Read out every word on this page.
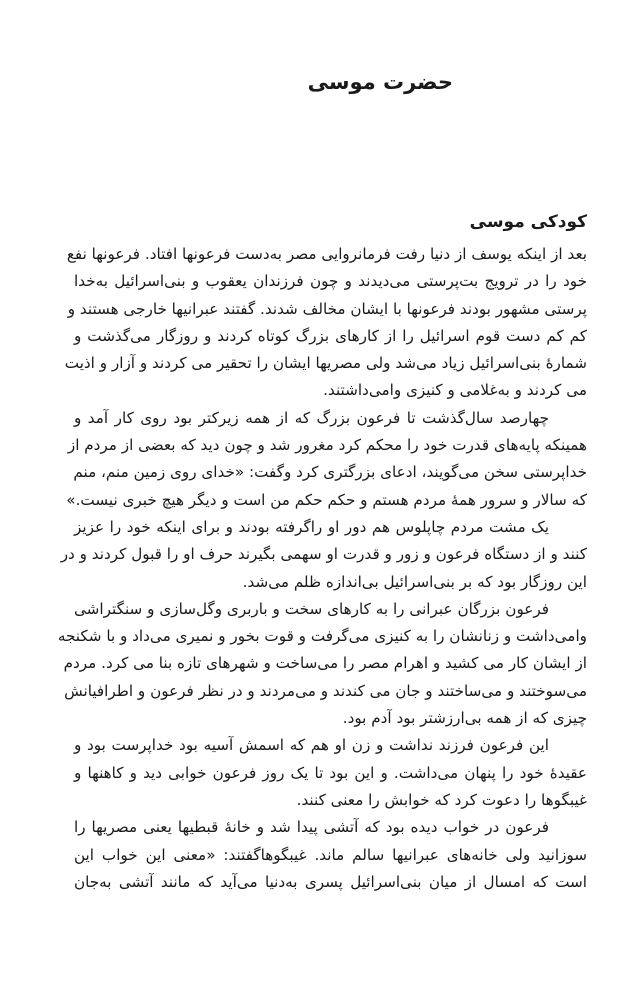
حضرت موسی
کودکی موسی
بعد از اینکه یوسف از دنیا رفت فرمانروایی مصر به‌دست فرعونها افتاد. فرعونها نفع
خود را در ترویج بت‌پرستی می‌دیدند و چون فرزندان یعقوب و بنی‌اسرائیل به‌خدا
پرستی مشهور بودند فرعونها با ایشان مخالف شدند. گفتند عبرانیها خارجی هستند و
کم کم دست قوم اسرائیل را از کارهای بزرگ کوتاه کردند و روزگار می‌گذشت و
شمارهٔ بنی‌اسرائیل زیاد می‌شد ولی مصریها ایشان را تحقیر می کردند و آزار و اذیت
می کردند و به‌غلامی و کنیزی وامی‌داشتند.
چهارصد سال‌گذشت تا فرعون بزرگ که از همه زیرکتر بود روی کار آمد و
همینکه پایه‌های قدرت خود را محکم کرد مغرور شد و چون دید که بعضی از مردم از
خداپرستی سخن می‌گویند، ادعای بزرگتری کرد وگفت: «خدای روی زمین منم، منم
که سالار و سرور همهٔ مردم هستم و حکم حکم من است و دیگر هیچ خبری نیست.»
یک مشت مردم چاپلوس هم دور او راگرفته بودند و برای اینکه خود را عزیز
کنند و از دستگاه فرعون و زور و قدرت او سهمی بگیرند حرف او را قبول کردند و در
این روزگار بود که بر بنی‌اسرائیل بی‌اندازه ظلم می‌شد.
فرعون بزرگان عبرانی را به کارهای سخت و باربری وگل‌سازی و سنگتراشی
وامی‌داشت و زنانشان را به کنیزی می‌گرفت و قوت بخور و نمیری می‌داد و با شکنجه
از ایشان کار می کشید و اهرام مصر را می‌ساخت و شهرهای تازه بنا می کرد. مردم
می‌سوختند و می‌ساختند و جان می کندند و می‌مردند و در نظر فرعون و اطرافیانش
چیزی که از همه بی‌ارزشتر بود آدم بود.
این فرعون فرزند نداشت و زن او هم که اسمش آسیه بود خداپرست بود و
عقیدهٔ خود را پنهان می‌داشت. و این بود تا یک روز فرعون خوابی دید و کاهنها و
غیبگوها را دعوت کرد که خوابش را معنی کنند.
فرعون در خواب دیده بود که آتشی پیدا شد و خانهٔ قبطیها یعنی مصریها را
سوزانید ولی خانه‌های عبرانیها سالم ماند. غیبگوهاگفتند: «معنی این خواب این
است که امسال از میان بنی‌اسرائیل پسری به‌دنیا می‌آید که مانند آتشی به‌جان
